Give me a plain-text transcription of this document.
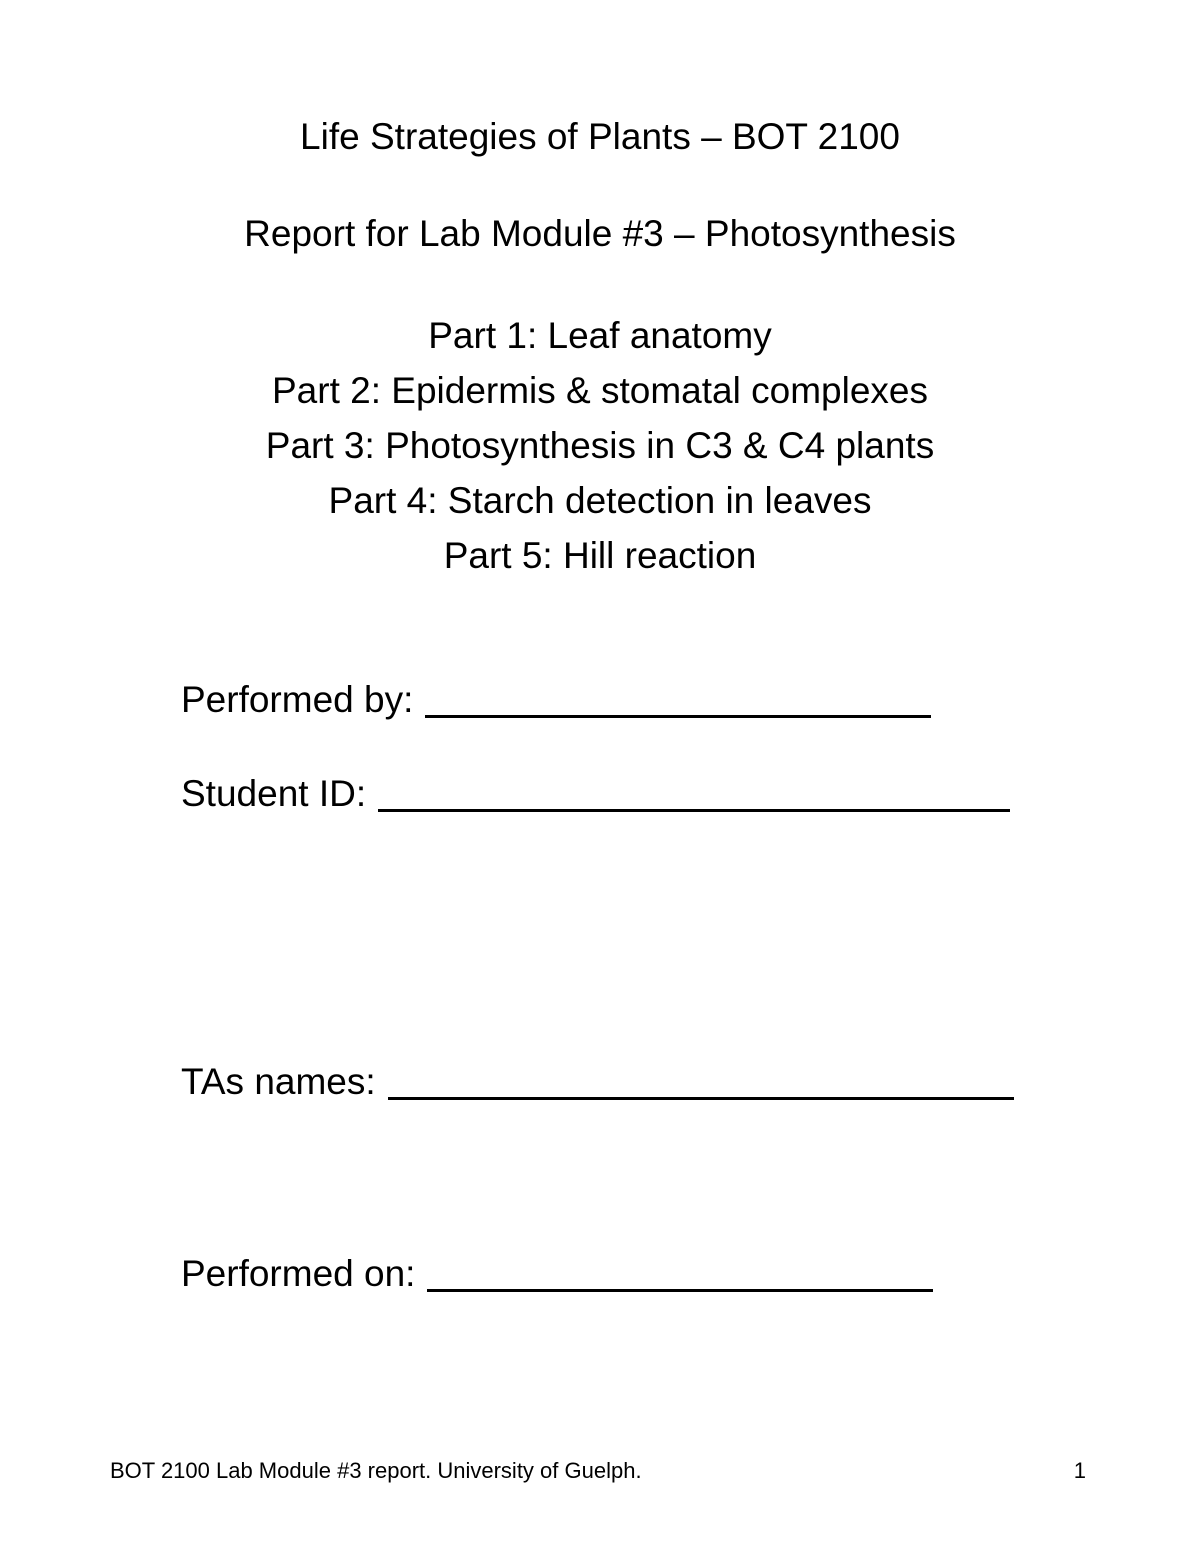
Life Strategies of Plants – BOT 2100
Report for Lab Module #3 – Photosynthesis
Part 1: Leaf anatomy
Part 2: Epidermis & stomatal complexes
Part 3: Photosynthesis in C3 & C4 plants
Part 4: Starch detection in leaves
Part 5: Hill reaction
Performed by:
Student ID:
TAs names:
Performed on:
BOT 2100 Lab Module #3 report. University of Guelph.	1
